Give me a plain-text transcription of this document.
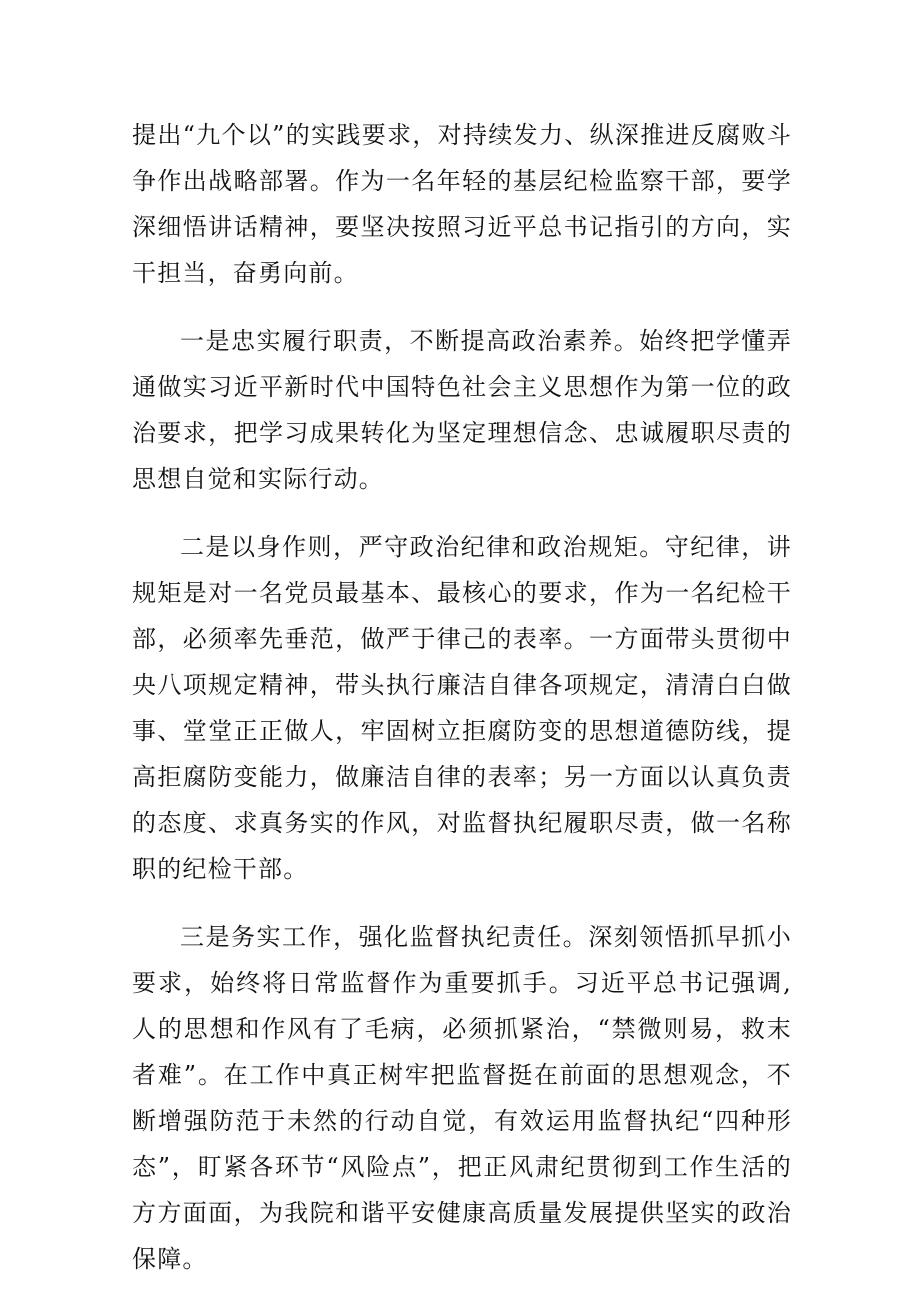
提出“九个以”的实践要求，对持续发力、纵深推进反腐败斗争作出战略部署。作为一名年轻的基层纪检监察干部，要学深细悟讲话精神，要坚决按照习近平总书记指引的方向，实干担当，奋勇向前。

一是忠实履行职责，不断提高政治素养。始终把学懂弄通做实习近平新时代中国特色社会主义思想作为第一位的政治要求，把学习成果转化为坚定理想信念、忠诚履职尽责的思想自觉和实际行动。

二是以身作则，严守政治纪律和政治规矩。守纪律，讲规矩是对一名党员最基本、最核心的要求，作为一名纪检干部，必须率先垂范，做严于律己的表率。一方面带头贯彻中央八项规定精神，带头执行廉洁自律各项规定，清清白白做事、堂堂正正做人，牢固树立拒腐防变的思想道德防线，提高拒腐防变能力，做廉洁自律的表率；另一方面以认真负责的态度、求真务实的作风，对监督执纪履职尽责，做一名称职的纪检干部。

三是务实工作，强化监督执纪责任。深刻领悟抓早抓小要求，始终将日常监督作为重要抓手。习近平总书记强调,人的思想和作风有了毛病，必须抓紧治，“禁微则易，救末者难”。在工作中真正树牢把监督挺在前面的思想观念，不断增强防范于未然的行动自觉，有效运用监督执纪“四种形态”，盯紧各环节“风险点”，把正风肃纪贯彻到工作生活的方方面面，为我院和谐平安健康高质量发展提供坚实的政治保障。
